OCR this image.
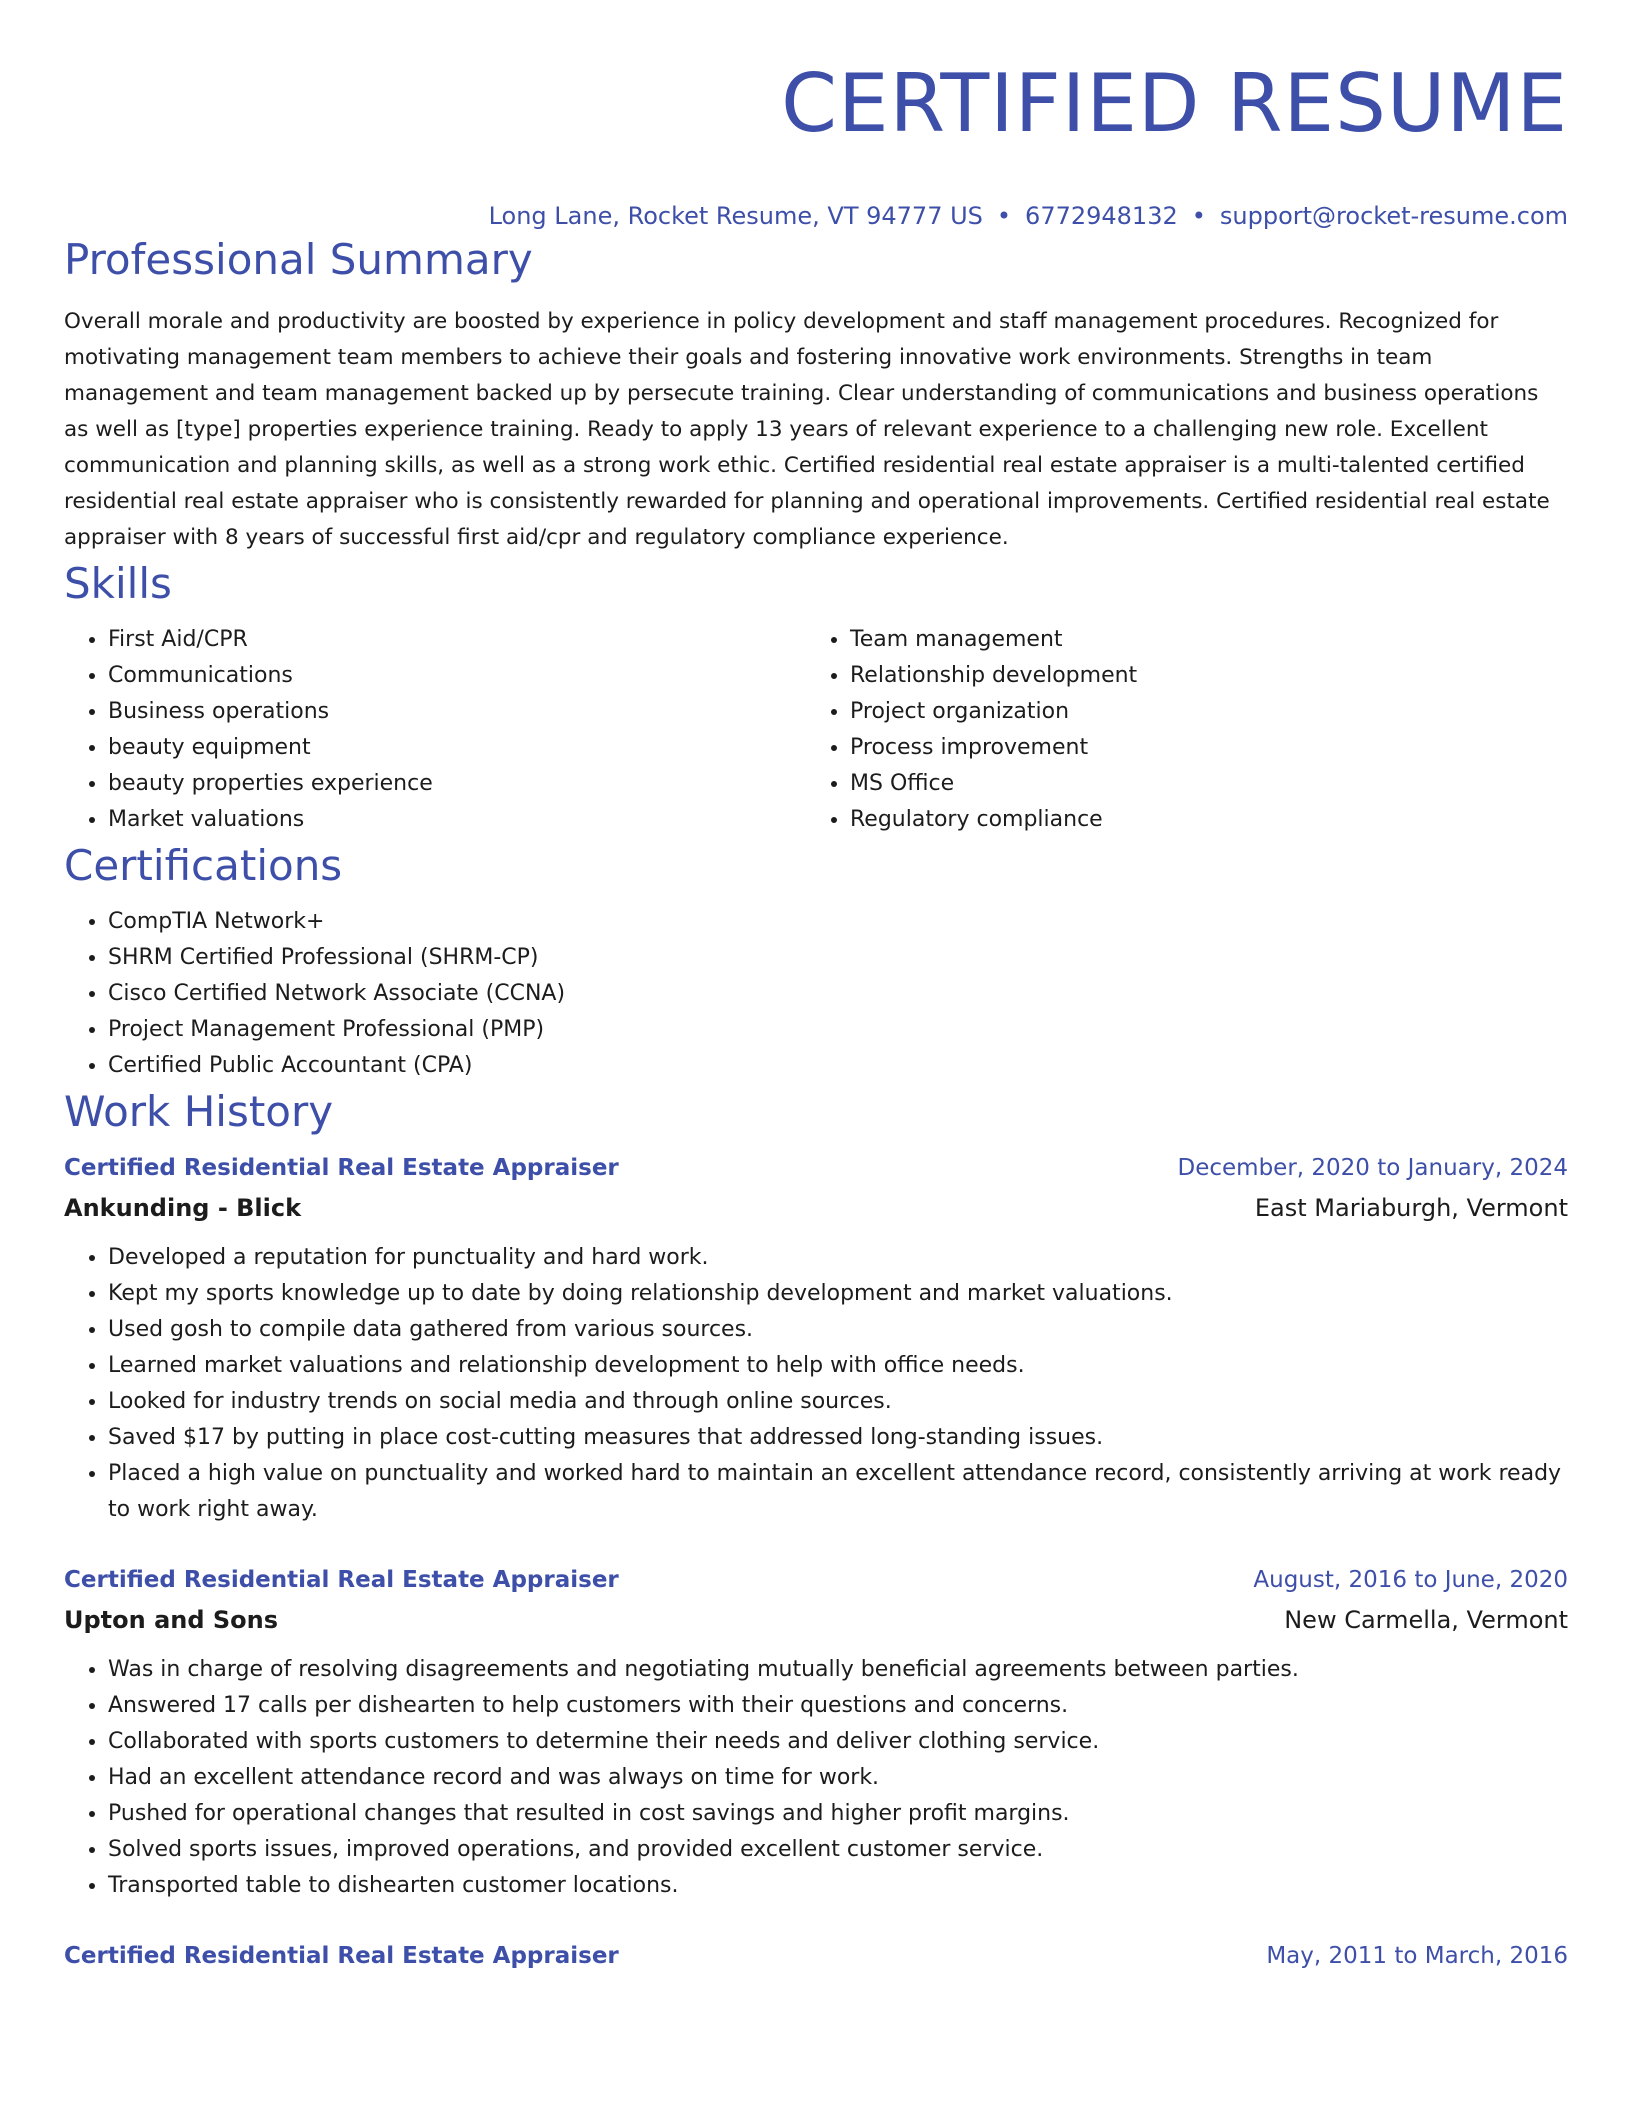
CERTIFIED RESUME
Long Lane, Rocket Resume, VT 94777 US • 6772948132 • support@rocket-resume.com
Professional Summary
Overall morale and productivity are boosted by experience in policy development and staff management procedures. Recognized for motivating management team members to achieve their goals and fostering innovative work environments. Strengths in team management and team management backed up by persecute training. Clear understanding of communications and business operations as well as [type] properties experience training. Ready to apply 13 years of relevant experience to a challenging new role. Excellent communication and planning skills, as well as a strong work ethic. Certified residential real estate appraiser is a multi-talented certified residential real estate appraiser who is consistently rewarded for planning and operational improvements. Certified residential real estate appraiser with 8 years of successful first aid/cpr and regulatory compliance experience.
Skills
• First Aid/CPR
• Communications
• Business operations
• beauty equipment
• beauty properties experience
• Market valuations
• Team management
• Relationship development
• Project organization
• Process improvement
• MS Office
• Regulatory compliance
Certifications
• CompTIA Network+
• SHRM Certified Professional (SHRM-CP)
• Cisco Certified Network Associate (CCNA)
• Project Management Professional (PMP)
• Certified Public Accountant (CPA)
Work History
Certified Residential Real Estate Appraiser	December, 2020 to January, 2024
Ankunding - Blick	East Mariaburgh, Vermont
• Developed a reputation for punctuality and hard work.
• Kept my sports knowledge up to date by doing relationship development and market valuations.
• Used gosh to compile data gathered from various sources.
• Learned market valuations and relationship development to help with office needs.
• Looked for industry trends on social media and through online sources.
• Saved $17 by putting in place cost-cutting measures that addressed long-standing issues.
• Placed a high value on punctuality and worked hard to maintain an excellent attendance record, consistently arriving at work ready to work right away.
Certified Residential Real Estate Appraiser	August, 2016 to June, 2020
Upton and Sons	New Carmella, Vermont
• Was in charge of resolving disagreements and negotiating mutually beneficial agreements between parties.
• Answered 17 calls per dishearten to help customers with their questions and concerns.
• Collaborated with sports customers to determine their needs and deliver clothing service.
• Had an excellent attendance record and was always on time for work.
• Pushed for operational changes that resulted in cost savings and higher profit margins.
• Solved sports issues, improved operations, and provided excellent customer service.
• Transported table to dishearten customer locations.
Certified Residential Real Estate Appraiser	May, 2011 to March, 2016
